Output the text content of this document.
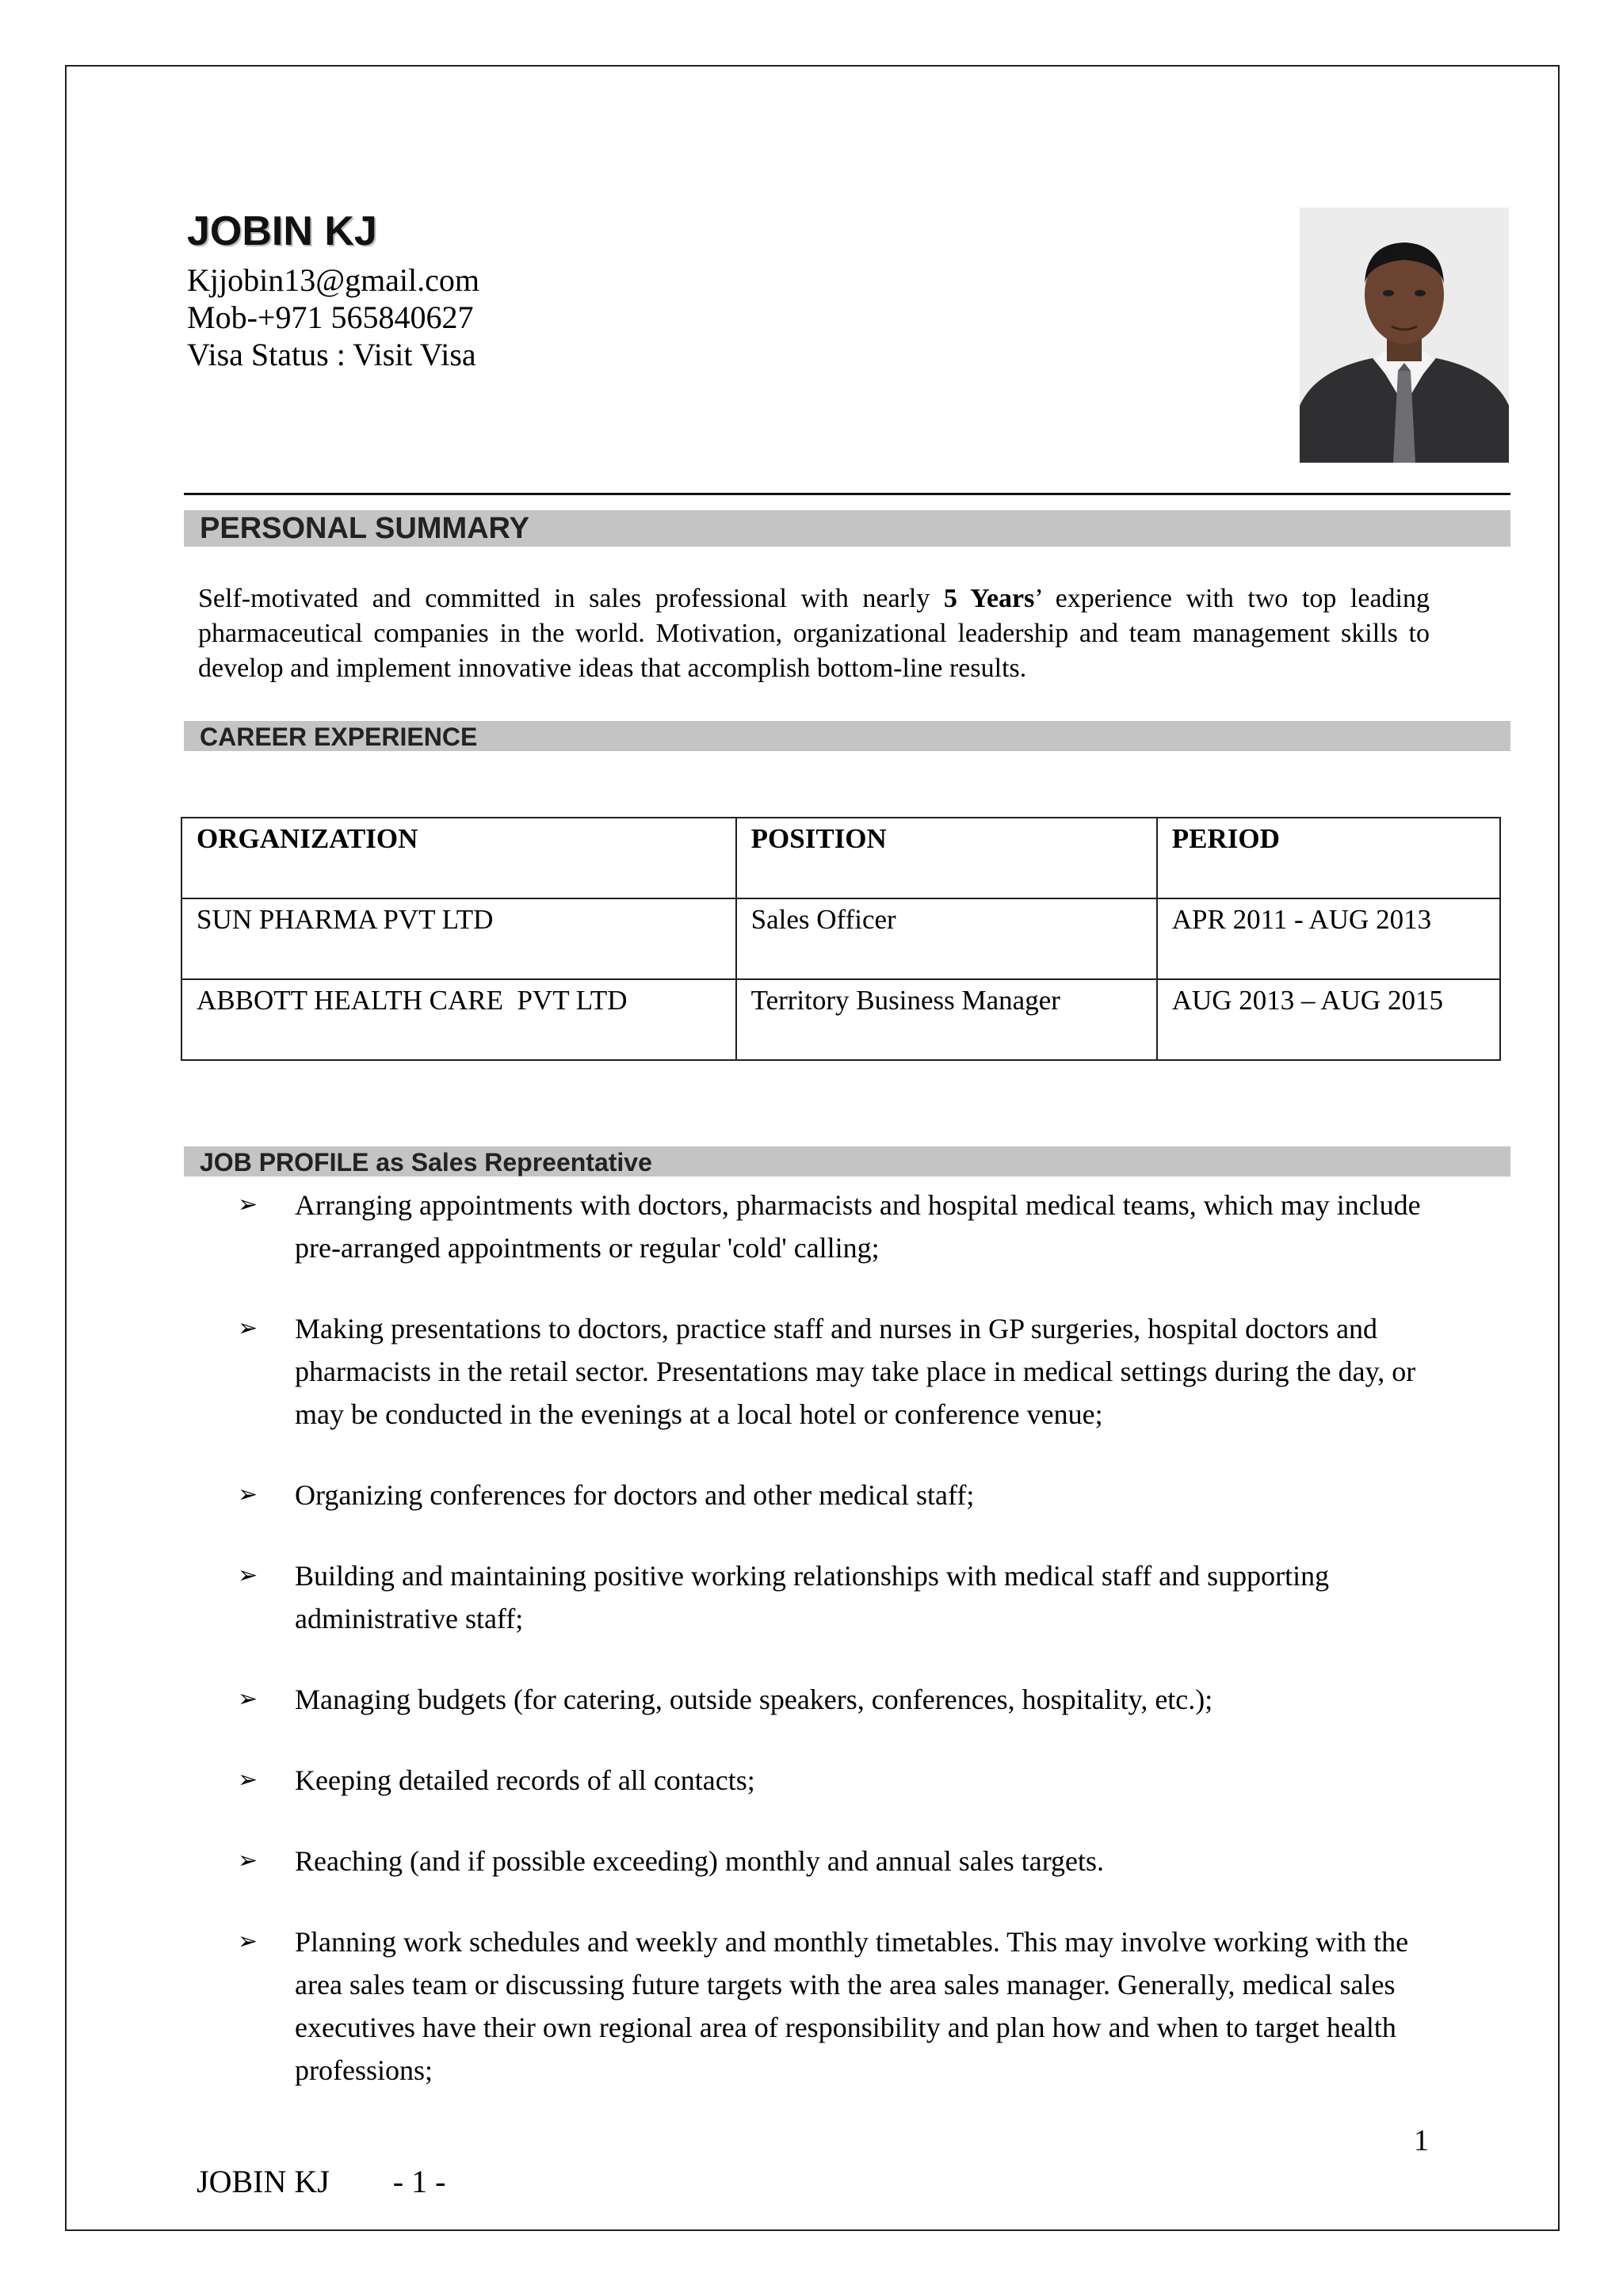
JOBIN KJ
Kjjobin13@gmail.com
Mob-+971 565840627
Visa Status : Visit Visa
PERSONAL SUMMARY
Self-motivated and committed in sales professional with nearly 5 Years’ experience with two top leading pharmaceutical companies in the world. Motivation, organizational leadership and team management skills to develop and implement innovative ideas that accomplish bottom-line results.
CAREER EXPERIENCE
ORGANIZATION	POSITION	PERIOD
SUN PHARMA PVT LTD	Sales Officer	APR 2011 - AUG 2013
ABBOTT HEALTH CARE  PVT LTD	Territory Business Manager	AUG 2013 – AUG 2015
JOB PROFILE as Sales Repreentative
➢ Arranging appointments with doctors, pharmacists and hospital medical teams, which may include pre-arranged appointments or regular 'cold' calling;
➢ Making presentations to doctors, practice staff and nurses in GP surgeries, hospital doctors and pharmacists in the retail sector. Presentations may take place in medical settings during the day, or may be conducted in the evenings at a local hotel or conference venue;
➢ Organizing conferences for doctors and other medical staff;
➢ Building and maintaining positive working relationships with medical staff and supporting administrative staff;
➢ Managing budgets (for catering, outside speakers, conferences, hospitality, etc.);
➢ Keeping detailed records of all contacts;
➢ Reaching (and if possible exceeding) monthly and annual sales targets.
➢ Planning work schedules and weekly and monthly timetables. This may involve working with the area sales team or discussing future targets with the area sales manager. Generally, medical sales executives have their own regional area of responsibility and plan how and when to target health professions;
1
JOBIN KJ - 1 -
